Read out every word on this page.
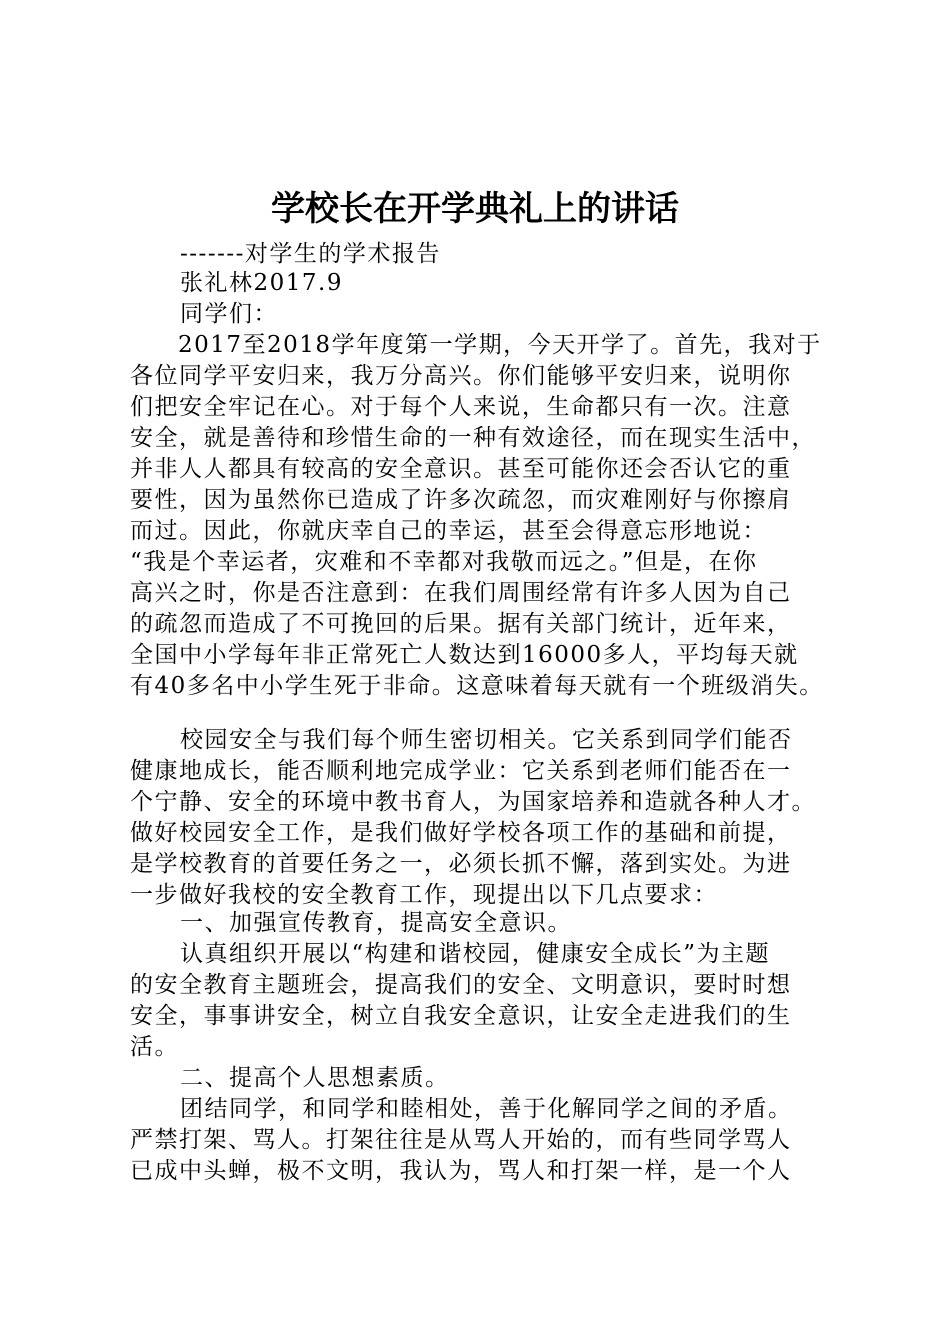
学校长在开学典礼上的讲话
-------对学生的学术报告
张礼林2017.9
同学们：
2017至2018学年度第一学期，今天开学了。首先，我对于
各位同学平安归来，我万分高兴。你们能够平安归来，说明你
们把安全牢记在心。对于每个人来说，生命都只有一次。注意
安全，就是善待和珍惜生命的一种有效途径，而在现实生活中，
并非人人都具有较高的安全意识。甚至可能你还会否认它的重
要性，因为虽然你已造成了许多次疏忽，而灾难刚好与你擦肩
而过。因此，你就庆幸自己的幸运，甚至会得意忘形地说：
“我是个幸运者，灾难和不幸都对我敬而远之。”但是，在你
高兴之时，你是否注意到：在我们周围经常有许多人因为自己
的疏忽而造成了不可挽回的后果。据有关部门统计，近年来，
全国中小学每年非正常死亡人数达到16000多人，平均每天就
有40多名中小学生死于非命。这意味着每天就有一个班级消失。
校园安全与我们每个师生密切相关。它关系到同学们能否
健康地成长，能否顺利地完成学业：它关系到老师们能否在一
个宁静、安全的环境中教书育人，为国家培养和造就各种人才。
做好校园安全工作，是我们做好学校各项工作的基础和前提，
是学校教育的首要任务之一，必须长抓不懈，落到实处。为进
一步做好我校的安全教育工作，现提出以下几点要求：
一、加强宣传教育，提高安全意识。
认真组织开展以“构建和谐校园，健康安全成长”为主题
的安全教育主题班会，提高我们的安全、文明意识，要时时想
安全，事事讲安全，树立自我安全意识，让安全走进我们的生
活。
二、提高个人思想素质。
团结同学，和同学和睦相处，善于化解同学之间的矛盾。
严禁打架、骂人。打架往往是从骂人开始的，而有些同学骂人
已成中头蝉，极不文明，我认为，骂人和打架一样，是一个人
